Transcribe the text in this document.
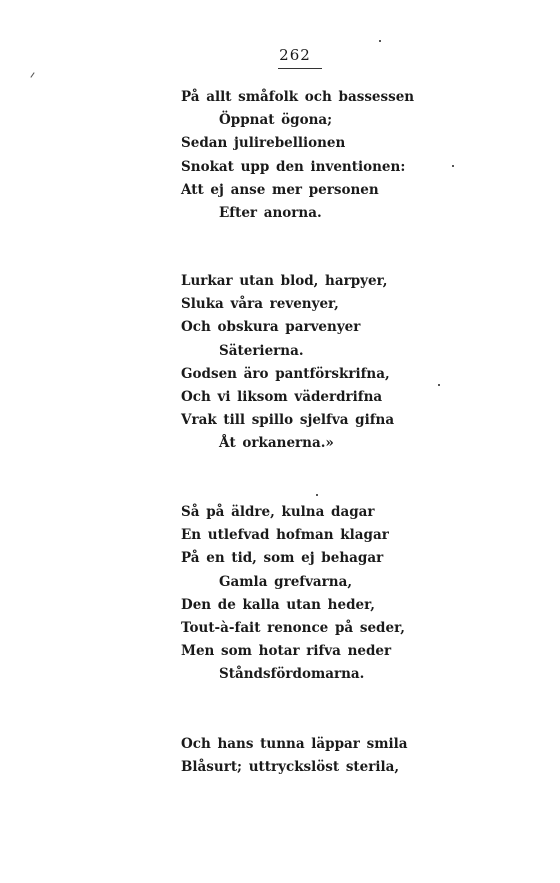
262
På allt småfolk och bassessen
Öppnat ögona;
Sedan julirebellionen
Snokat upp den inventionen:
Att ej anse mer personen
Efter anorna.
Lurkar utan blod, harpyer,
Sluka våra revenyer,
Och obskura parvenyer
Säterierna.
Godsen äro pantförskrifna,
Och vi liksom väderdrifna
Vrak till spillo sjelfva gifna
Åt orkanerna.»
Så på äldre, kulna dagar
En utlefvad hofman klagar
På en tid, som ej behagar
Gamla grefvarna,
Den de kalla utan heder,
Tout-à-fait renonce på seder,
Men som hotar rifva neder
Ståndsfördomarna.
Och hans tunna läppar smila
Blåsurt; uttryckslöst sterila,
